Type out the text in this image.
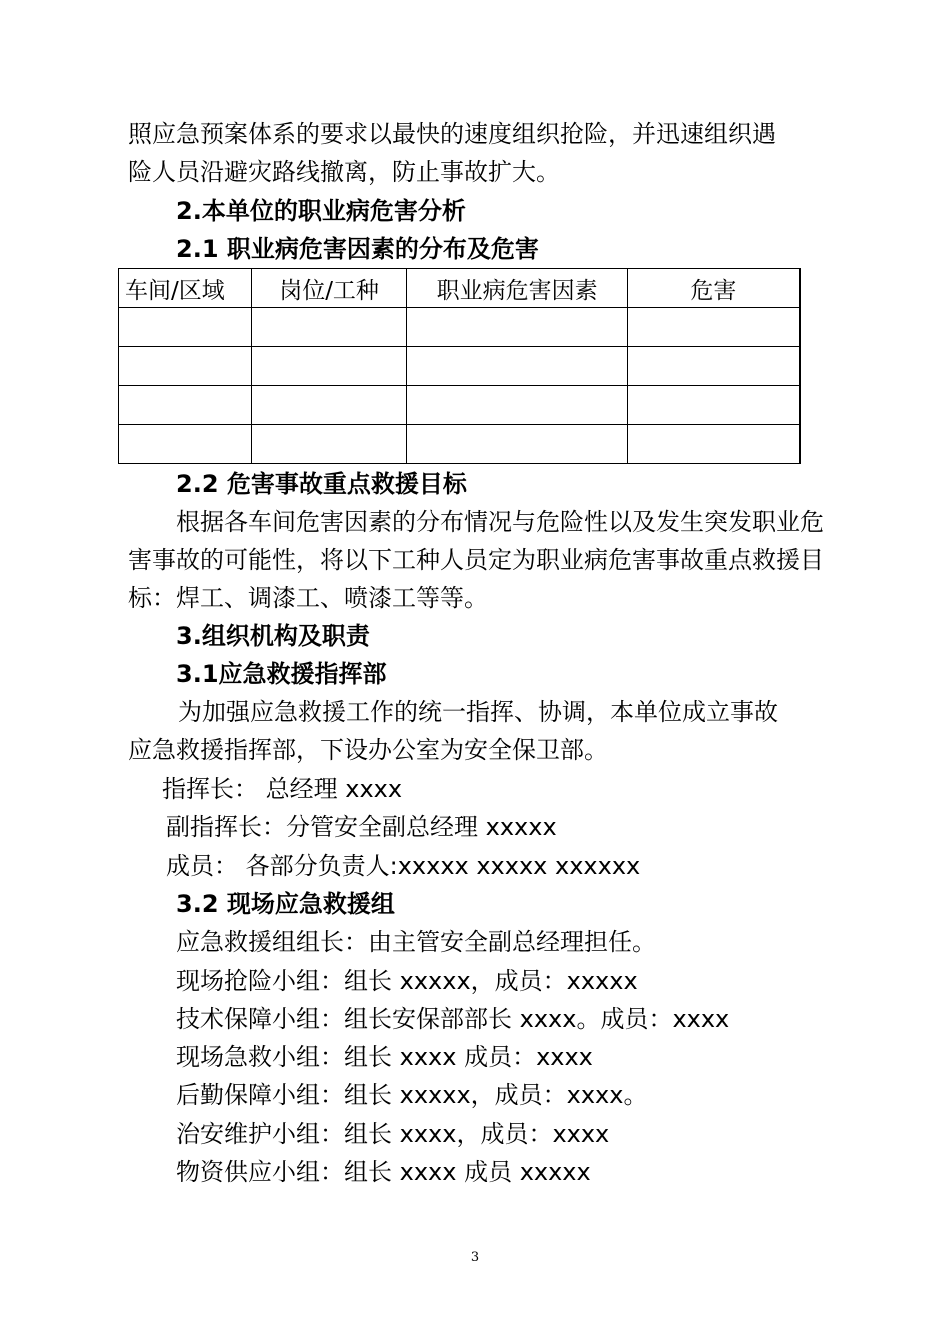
照应急预案体系的要求以最快的速度组织抢险，并迅速组织遇
险人员沿避灾路线撤离，防止事故扩大。
2.本单位的职业病危害分析
2.1 职业病危害因素的分布及危害
车间/区域	岗位/工种	职业病危害因素	危害

2.2 危害事故重点救援目标
根据各车间危害因素的分布情况与危险性以及发生突发职业危
害事故的可能性，将以下工种人员定为职业病危害事故重点救援目
标：焊工、调漆工、喷漆工等等。
3.组织机构及职责
3.1应急救援指挥部
为加强应急救援工作的统一指挥、协调，本单位成立事故
应急救援指挥部，下设办公室为安全保卫部。
指挥长： 总经理 xxxx
副指挥长：分管安全副总经理 xxxxx
成员： 各部分负责人:xxxxx xxxxx xxxxxx
3.2 现场应急救援组
应急救援组组长：由主管安全副总经理担任。
现场抢险小组：组长 xxxxx，成员：xxxxx
技术保障小组：组长安保部部长 xxxx。成员：xxxx
现场急救小组：组长 xxxx 成员：xxxx
后勤保障小组：组长 xxxxx，成员：xxxx。
治安维护小组：组长 xxxx，成员：xxxx
物资供应小组：组长 xxxx 成员 xxxxx
3
